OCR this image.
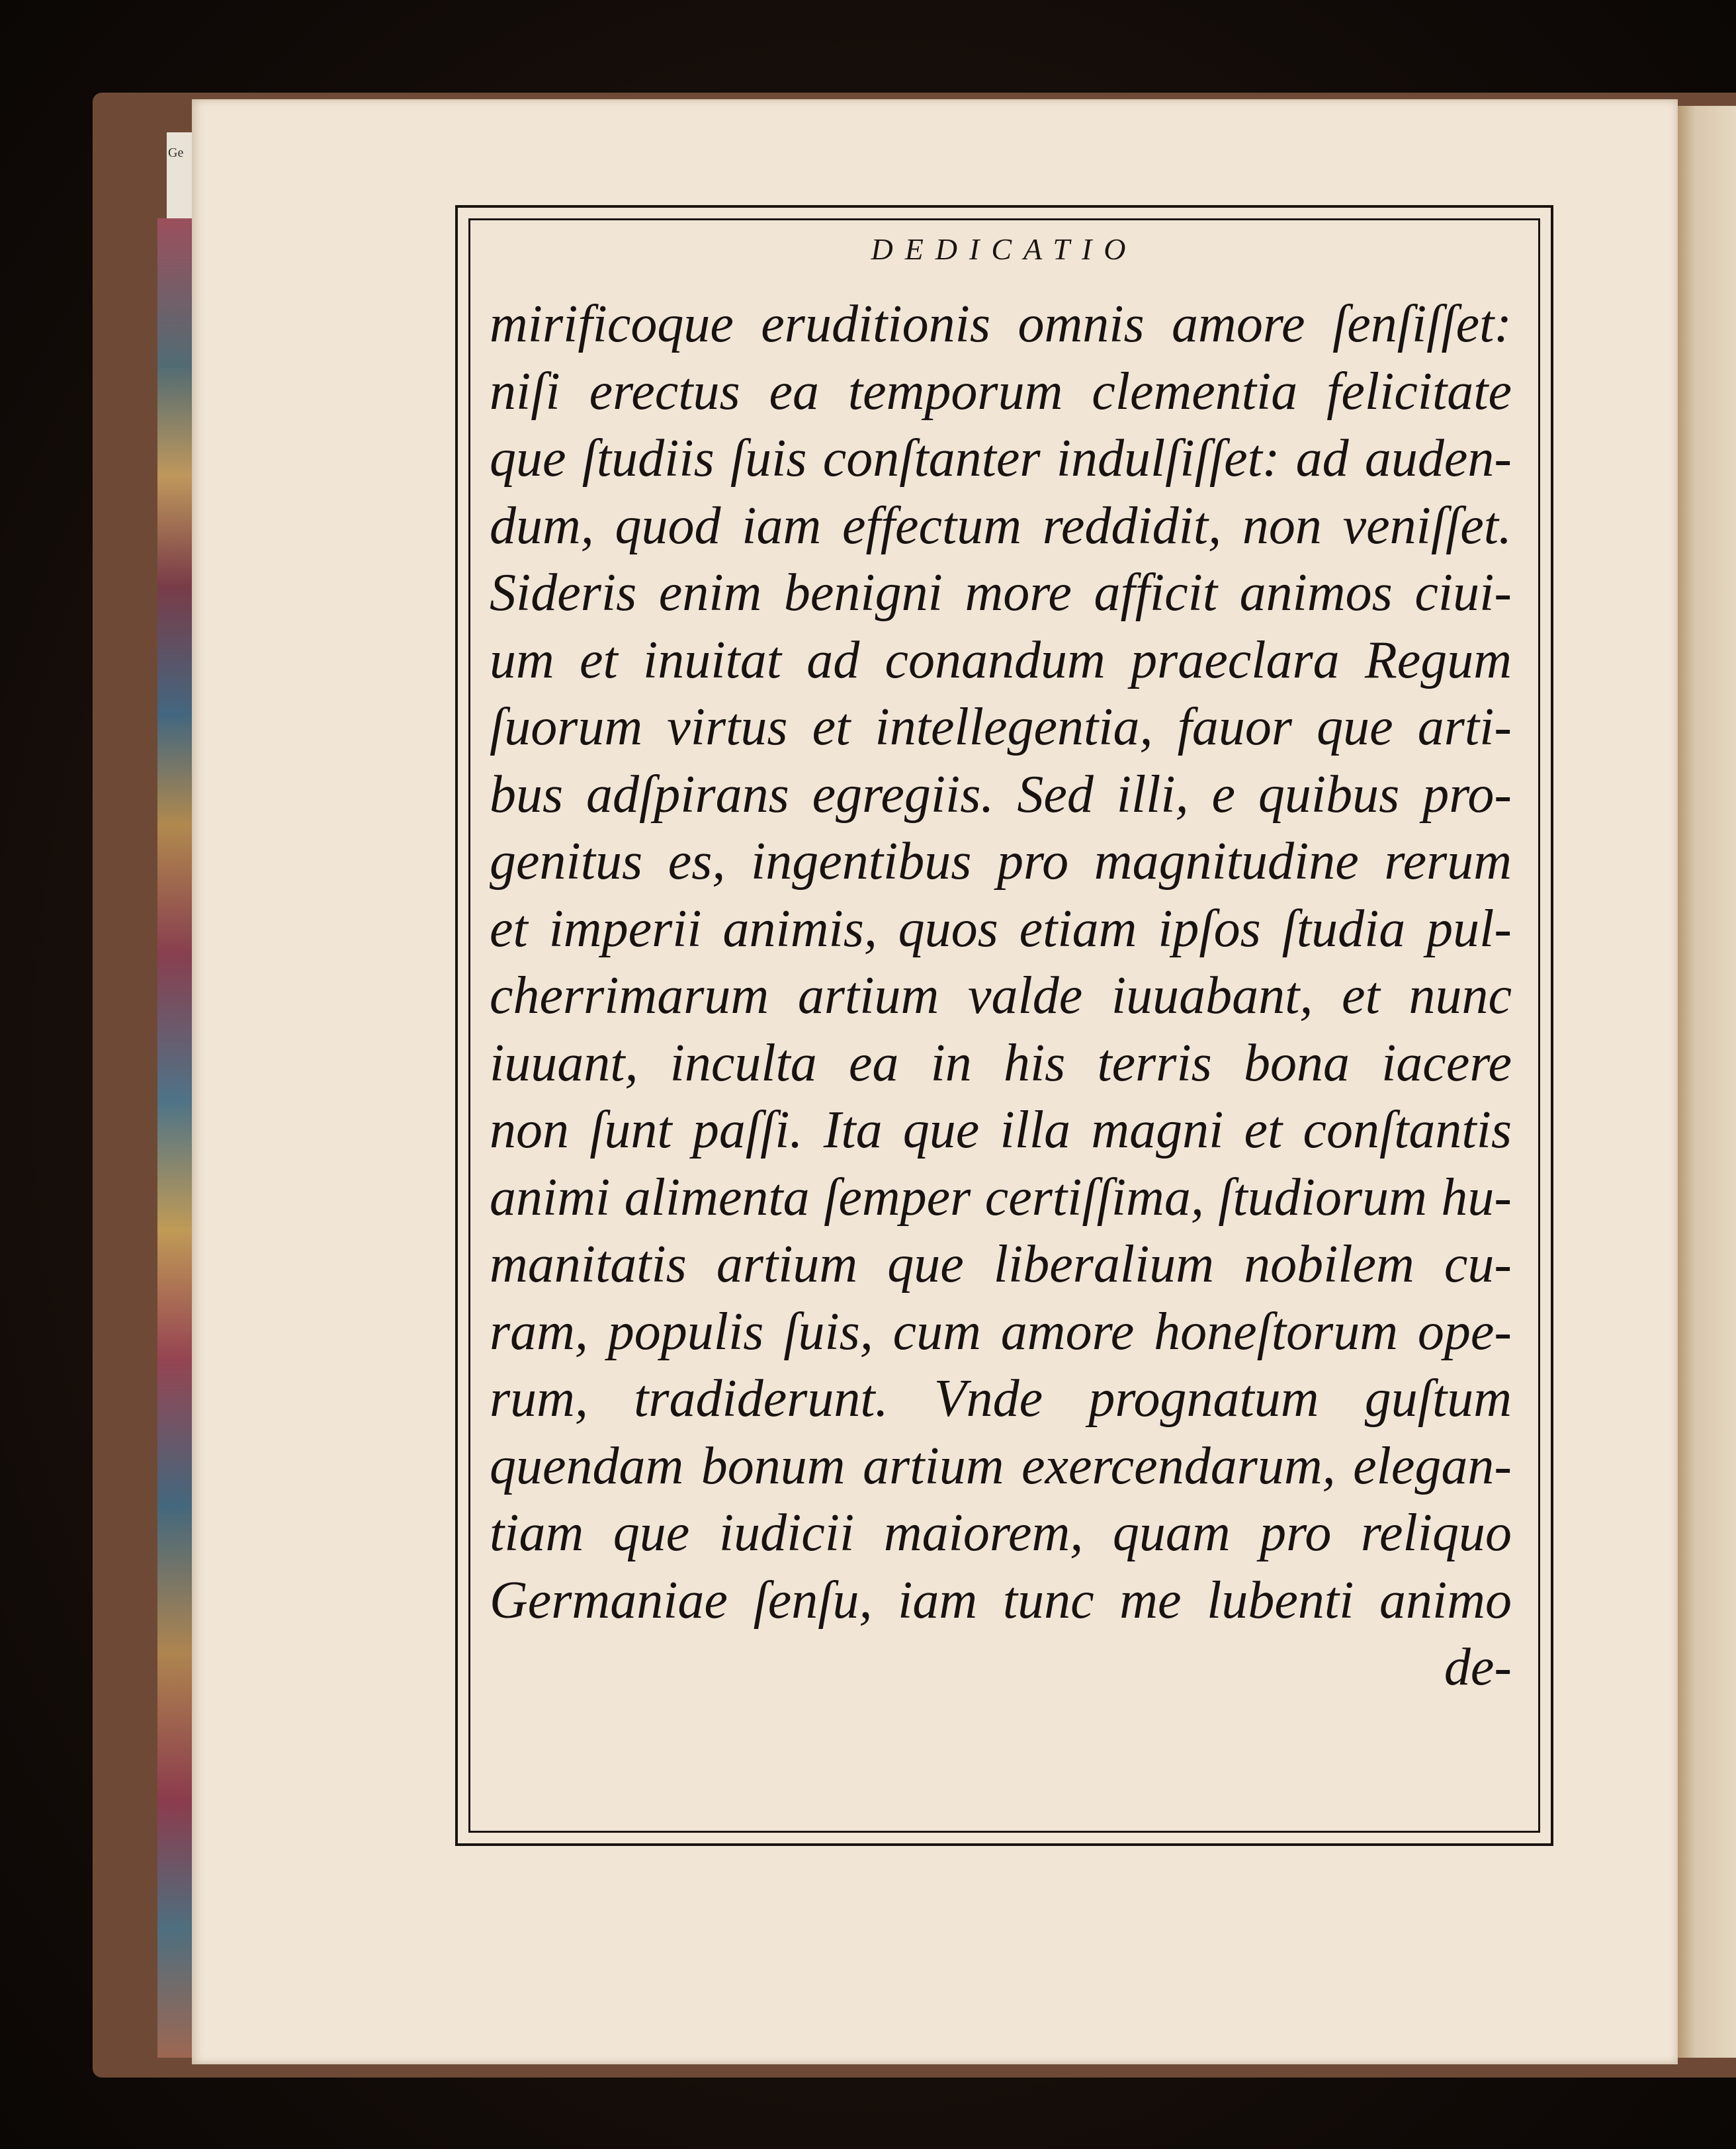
Ge
DEDICATIO
mirificoque eruditionis omnis amore ſenſiſſet:
niſi erectus ea temporum clementia felicitate
que ſtudiis ſuis conſtanter indulſiſſet: ad auden-
dum, quod iam effectum reddidit, non veniſſet.
Sideris enim benigni more afficit animos ciui-
um et inuitat ad conandum praeclara Regum
ſuorum virtus et intellegentia, fauor que arti-
bus adſpirans egregiis. Sed illi, e quibus pro-
genitus es, ingentibus pro magnitudine rerum
et imperii animis, quos etiam ipſos ſtudia pul-
cherrimarum artium valde iuuabant, et nunc
iuuant, inculta ea in his terris bona iacere
non ſunt paſſi. Ita que illa magni et conſtantis
animi alimenta ſemper certiſſima, ſtudiorum hu-
manitatis artium que liberalium nobilem cu-
ram, populis ſuis, cum amore honeſtorum ope-
rum, tradiderunt. Vnde prognatum guſtum
quendam bonum artium exercendarum, elegan-
tiam que iudicii maiorem, quam pro reliquo
Germaniae ſenſu, iam tunc me lubenti animo
de-
